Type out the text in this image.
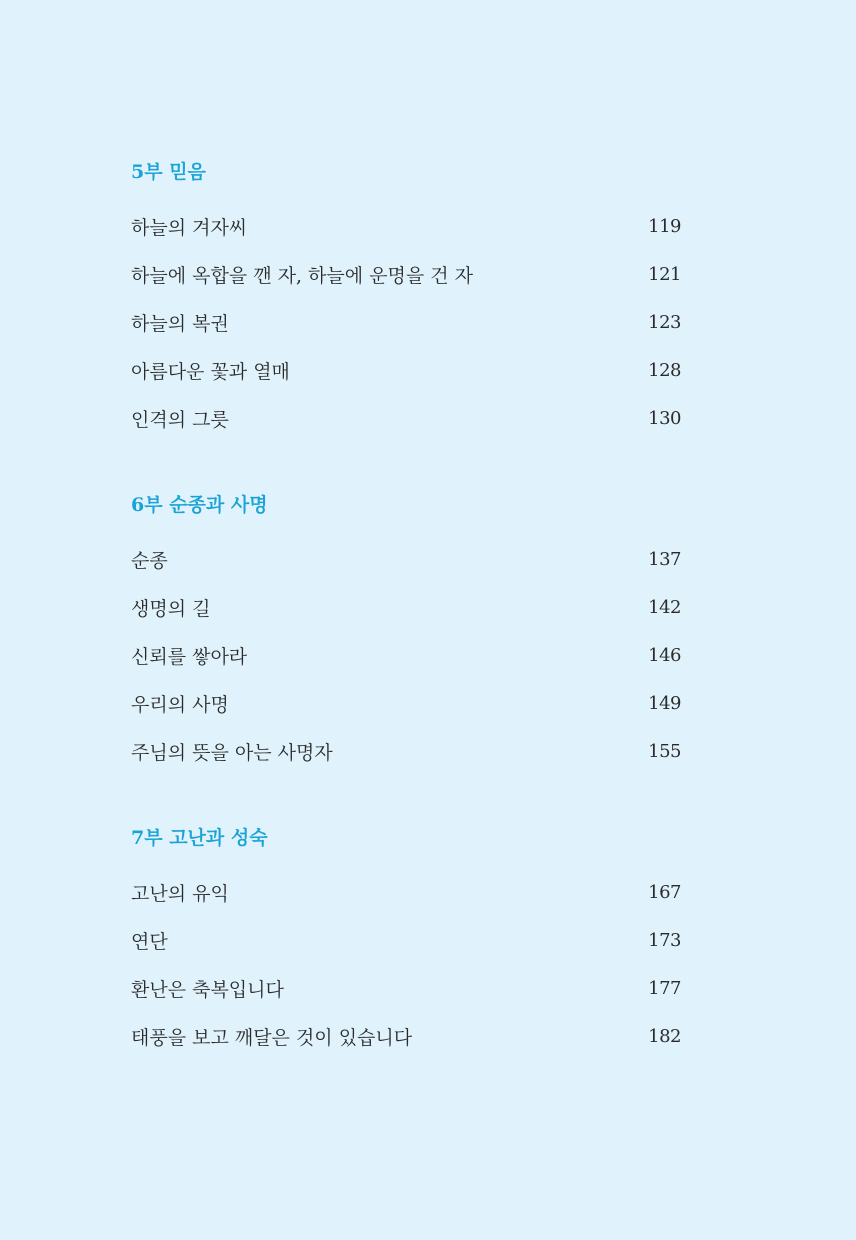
5부 믿음
하늘의 겨자씨	119
하늘에 옥합을 깬 자, 하늘에 운명을 건 자	121
하늘의 복권	123
아름다운 꽃과 열매	128
인격의 그릇	130
6부 순종과 사명
순종	137
생명의 길	142
신뢰를 쌓아라	146
우리의 사명	149
주님의 뜻을 아는 사명자	155
7부 고난과 성숙
고난의 유익	167
연단	173
환난은 축복입니다	177
태풍을 보고 깨달은 것이 있습니다	182
